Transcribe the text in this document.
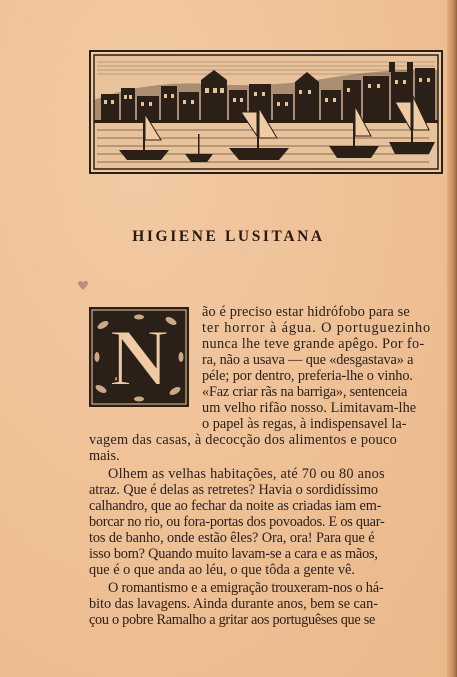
HIGIENE LUSITANA
N ão é preciso estar hidrófobo para se
ter horror à água. O portuguezinho
nunca lhe teve grande apêgo. Por fo-
ra, não a usava — que «desgastava» a
péle; por dentro, preferia-lhe o vinho.
«Faz criar rãs na barriga», sentenceia
um velho rifão nosso. Limitavam-lhe
o papel às regas, à indispensavel la-
vagem das casas, à decocção dos alimentos e pouco
mais.
Olhem as velhas habitações, até 70 ou 80 anos
atraz. Que é delas as retretes? Havia o sordidíssimo
calhandro, que ao fechar da noite as criadas iam em-
borcar no rio, ou fora-portas dos povoados. E os quar-
tos de banho, onde estão êles? Ora, ora! Para que é
isso bom? Quando muito lavam-se a cara e as mãos,
que é o que anda ao léu, o que tôda a gente vê.
O romantismo e a emigração trouxeram-nos o há-
bito das lavagens. Ainda durante anos, bem se can-
çou o pobre Ramalho a gritar aos portuguêses que se
